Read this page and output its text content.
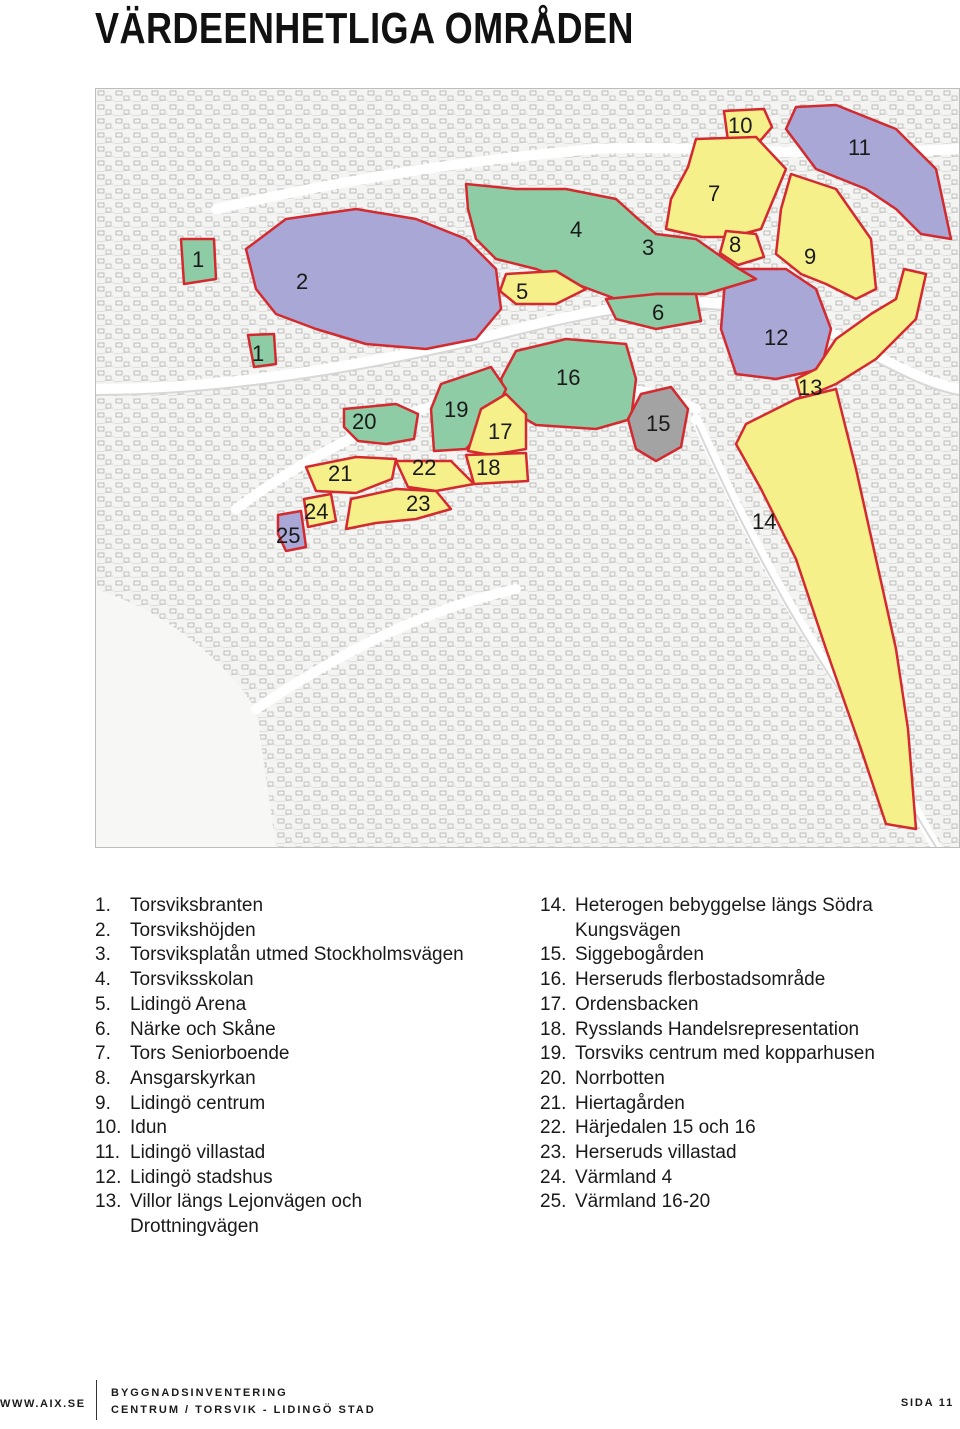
VÄRDEENHETLIGA OMRÅDEN
1
1
2
3
4
5
6
7
8	9
10
11
12
13
14
15
16
17
18
19
20
21	22
23
24
25
1. Torsviksbranten
2. Torsvikshöjden
3. Torsviksplatån utmed Stockholmsvägen
4. Torsviksskolan
5. Lidingö Arena
6. Närke och Skåne
7. Tors Seniorboende
8. Ansgarskyrkan
9. Lidingö centrum
10. Idun
11. Lidingö villastad
12. Lidingö stadshus
13. Villor längs Lejonvägen och Drottningvägen
14. Heterogen bebyggelse längs Södra Kungsvägen
15. Siggebogården
16. Herseruds flerbostadsområde
17. Ordensbacken
18. Rysslands Handelsrepresentation
19. Torsviks centrum med kopparhusen
20. Norrbotten
21. Hiertagården
22. Härjedalen 15 och 16
23. Herseruds villastad
24. Värmland 4
25. Värmland 16-20
WWW.AIX.SE
BYGGNADSINVENTERING
CENTRUM / TORSVIK - LIDINGÖ STAD
SIDA 11
